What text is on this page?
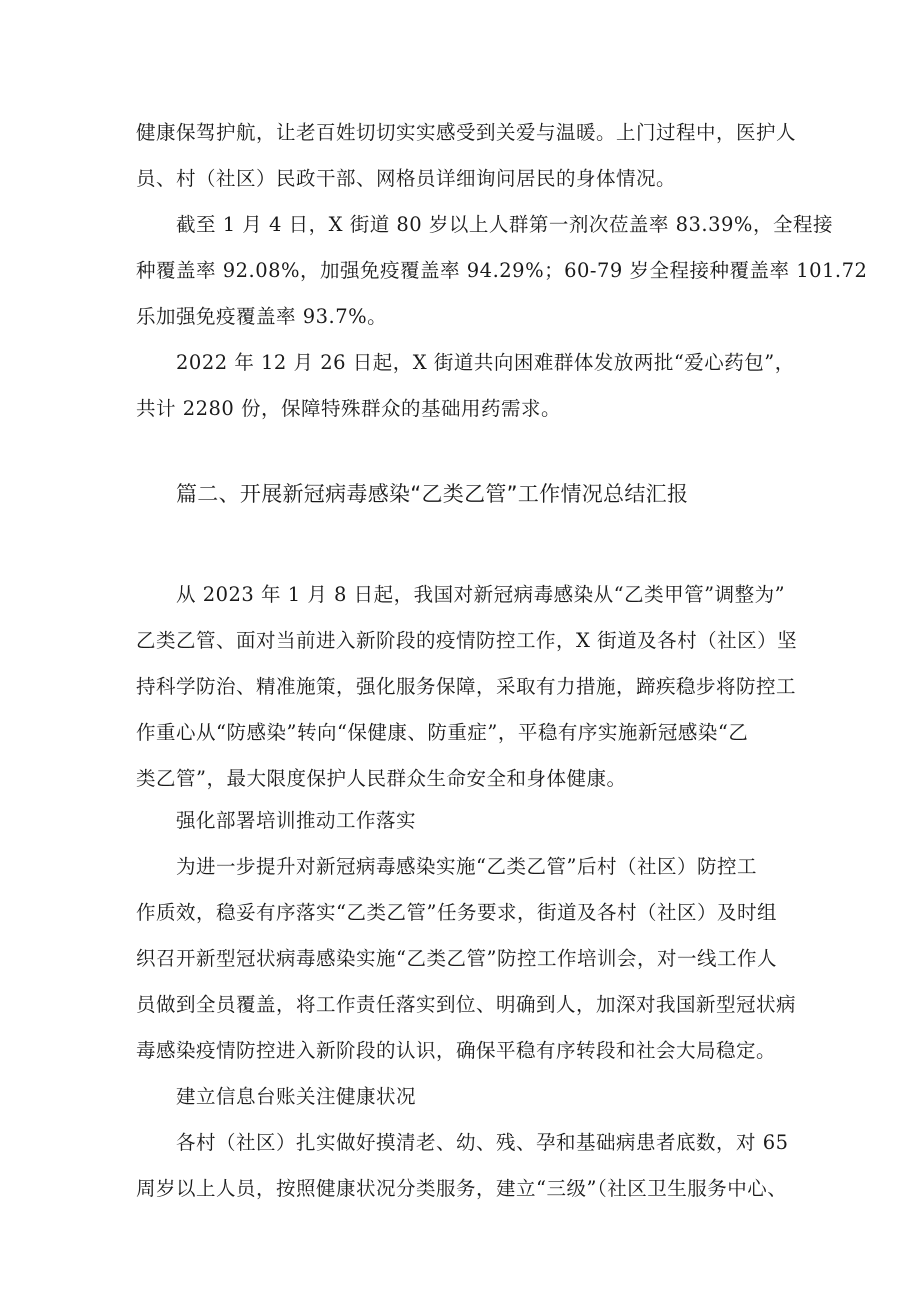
健康保驾护航，让老百姓切切实实感受到关爱与温暖。上门过程中，医护人
员、村（社区）民政干部、网格员详细询问居民的身体情况。
截至 1 月 4 日，X 街道 80 岁以上人群第一剂次莅盖率 83.39%，全程接
种覆盖率 92.08%，加强免疫覆盖率 94.29%；60-79 岁全程接种覆盖率 101.72
乐加强免疫覆盖率 93.7%。
2022 年 12 月 26 日起，X 街道共向困难群体发放两批“爱心药包”，
共计 2280 份，保障特殊群众的基础用药需求。
篇二、开展新冠病毒感染“乙类乙管”工作情况总结汇报
从 2023 年 1 月 8 日起，我国对新冠病毒感染从“乙类甲管”调整为”
乙类乙管、面对当前进入新阶段的疫情防控工作，X 街道及各村（社区）坚
持科学防治、精准施策，强化服务保障，采取有力措施，蹄疾稳步将防控工
作重心从“防感染”转向“保健康、防重症”，平稳有序实施新冠感染“乙
类乙管”，最大限度保护人民群众生命安全和身体健康。
强化部署培训推动工作落实
为进一步提升对新冠病毒感染实施“乙类乙管”后村（社区）防控工
作质效，稳妥有序落实“乙类乙管”任务要求，街道及各村（社区）及时组
织召开新型冠状病毒感染实施“乙类乙管”防控工作培训会，对一线工作人
员做到全员覆盖，将工作责任落实到位、明确到人，加深对我国新型冠状病
毒感染疫情防控进入新阶段的认识，确保平稳有序转段和社会大局稳定。
建立信息台账关注健康状况
各村（社区）扎实做好摸清老、幼、残、孕和基础病患者底数，对 65
周岁以上人员，按照健康状况分类服务，建立“三级”（社区卫生服务中心、
